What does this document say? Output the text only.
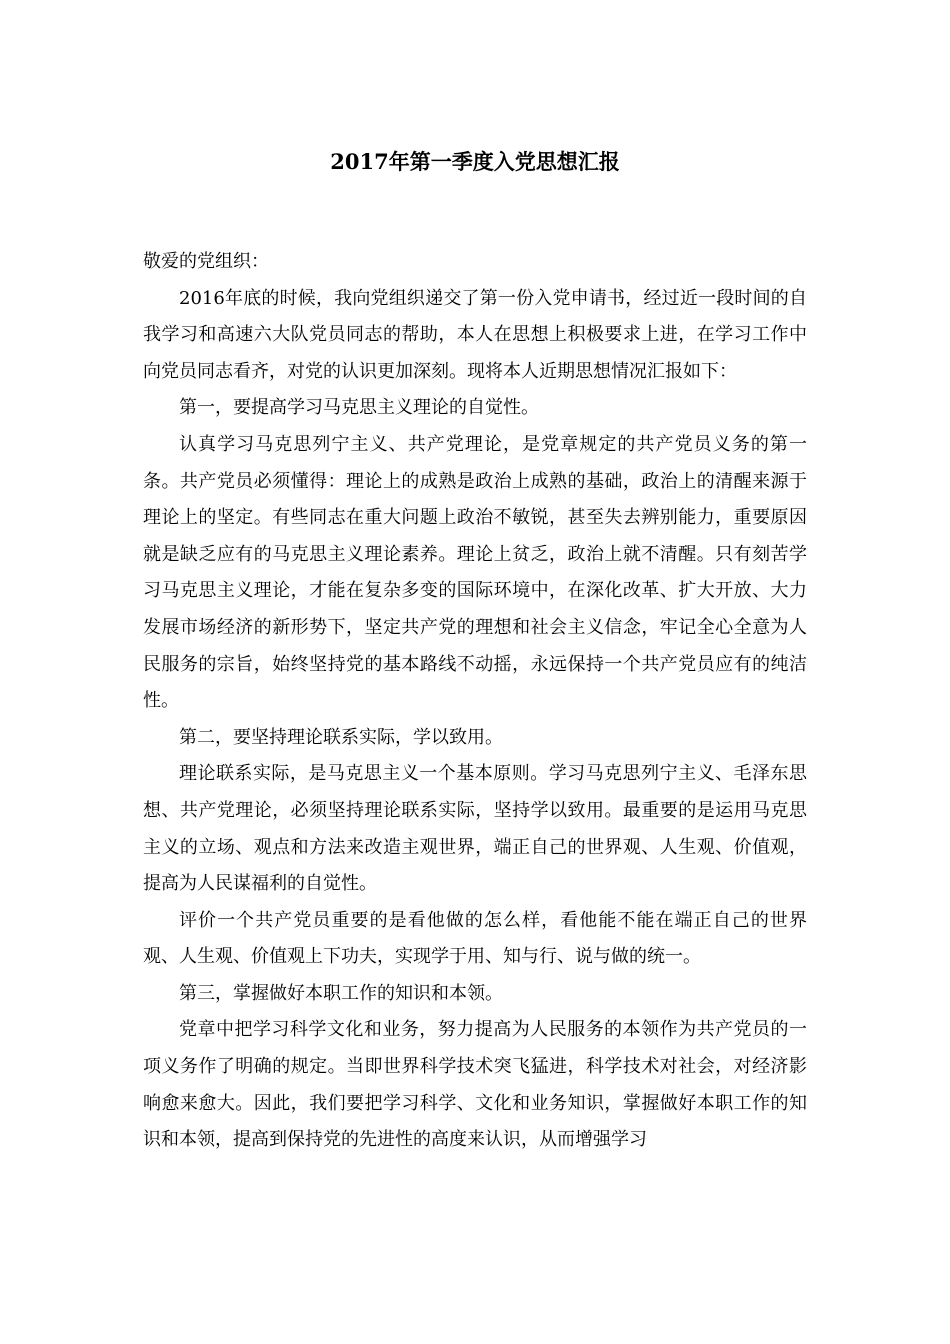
2017年第一季度入党思想汇报

敬爱的党组织：

2016年底的时候，我向党组织递交了第一份入党申请书，经过近一段时间的自我学习和高速六大队党员同志的帮助，本人在思想上积极要求上进，在学习工作中向党员同志看齐，对党的认识更加深刻。现将本人近期思想情况汇报如下：

第一，要提高学习马克思主义理论的自觉性。

认真学习马克思列宁主义、共产党理论，是党章规定的共产党员义务的第一条。共产党员必须懂得：理论上的成熟是政治上成熟的基础，政治上的清醒来源于理论上的坚定。有些同志在重大问题上政治不敏锐，甚至失去辨别能力，重要原因就是缺乏应有的马克思主义理论素养。理论上贫乏，政治上就不清醒。只有刻苦学习马克思主义理论，才能在复杂多变的国际环境中，在深化改革、扩大开放、大力发展市场经济的新形势下，坚定共产党的理想和社会主义信念，牢记全心全意为人民服务的宗旨，始终坚持党的基本路线不动摇，永远保持一个共产党员应有的纯洁性。

第二，要坚持理论联系实际，学以致用。

理论联系实际，是马克思主义一个基本原则。学习马克思列宁主义、毛泽东思想、共产党理论，必须坚持理论联系实际，坚持学以致用。最重要的是运用马克思主义的立场、观点和方法来改造主观世界，端正自己的世界观、人生观、价值观，提高为人民谋福利的自觉性。

评价一个共产党员重要的是看他做的怎么样，看他能不能在端正自己的世界观、人生观、价值观上下功夫，实现学于用、知与行、说与做的统一。

第三，掌握做好本职工作的知识和本领。

党章中把学习科学文化和业务，努力提高为人民服务的本领作为共产党员的一项义务作了明确的规定。当即世界科学技术突飞猛进，科学技术对社会，对经济影响愈来愈大。因此，我们要把学习科学、文化和业务知识，掌握做好本职工作的知识和本领，提高到保持党的先进性的高度来认识，从而增强学习
